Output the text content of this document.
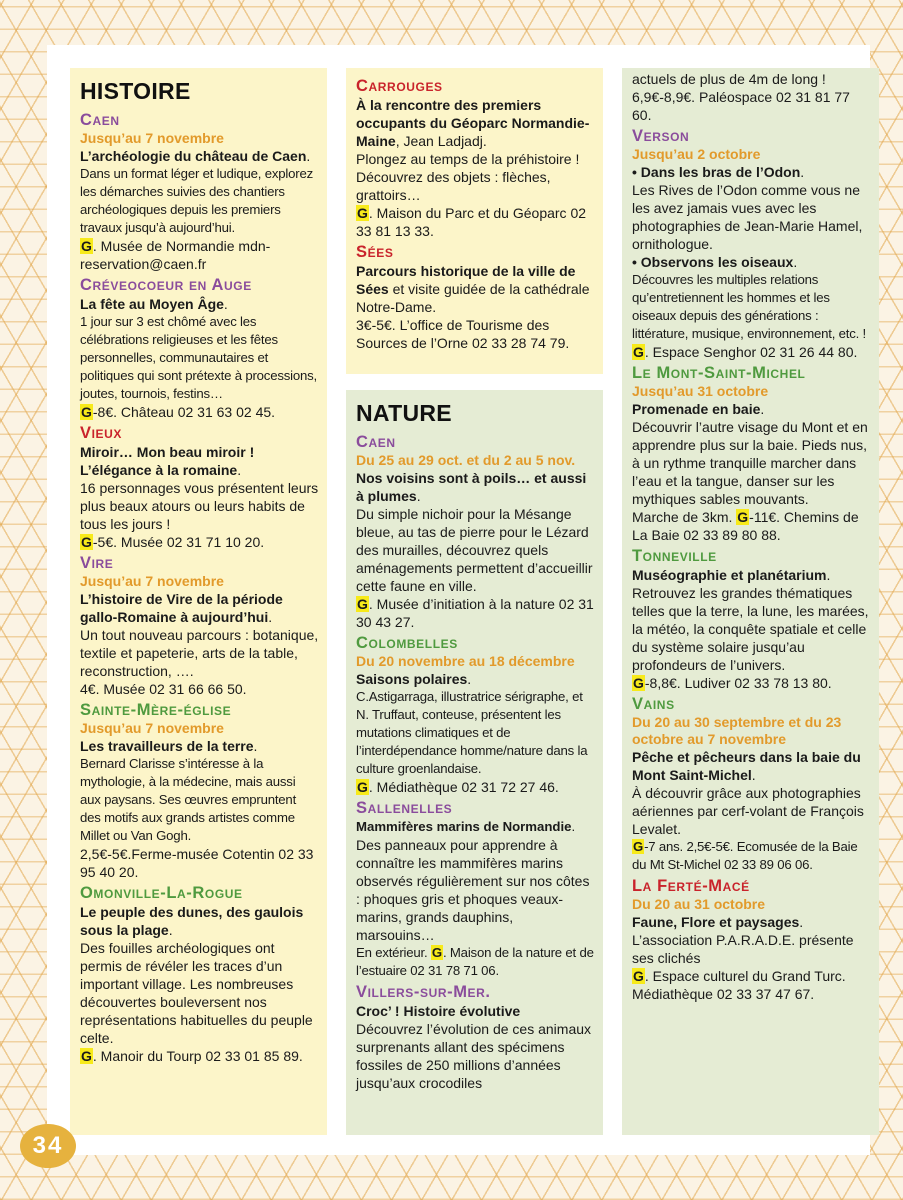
HISTOIRE
Caen
Jusqu’au 7 novembre
L’archéologie du château de Caen.
Dans un format léger et ludique, explorez les démarches suivies des chantiers archéologiques depuis les premiers travaux jusqu’à aujourd’hui.
G. Musée de Normandie mdn-reservation@caen.fr
Créveocoeur en Auge
La fête au Moyen Âge.
1 jour sur 3 est chômé avec les célébrations religieuses et les fêtes personnelles, communautaires et politiques qui sont prétexte à processions, joutes, tournois, festins…
G-8€. Château 02 31 63 02 45.
Vieux
Miroir… Mon beau miroir ! L’élégance à la romaine.
16 personnages vous présentent leurs plus beaux atours ou leurs habits de tous les jours !
G-5€. Musée 02 31 71 10 20.
Vire
Jusqu’au 7 novembre
L’histoire de Vire de la période gallo-Romaine à aujourd’hui.
Un tout nouveau parcours : botanique, textile et papeterie, arts de la table, reconstruction, ….
4€. Musée 02 31 66 66 50.
Sainte-Mère-église
Jusqu’au 7 novembre
Les travailleurs de la terre.
Bernard Clarisse s’intéresse à la mythologie, à la médecine, mais aussi aux paysans. Ses œuvres empruntent des motifs aux grands artistes comme Millet ou Van Gogh.
2,5€-5€.Ferme-musée Cotentin 02 33 95 40 20.
Omonville-La-Rogue
Le peuple des dunes, des gaulois sous la plage.
Des fouilles archéologiques ont permis de révéler les traces d’un important village. Les nombreuses découvertes bouleversent nos représentations habituelles du peuple celte.
G. Manoir du Tourp 02 33 01 85 89.
Carrouges
À la rencontre des premiers occupants du Géoparc Normandie-Maine, Jean Ladjadj.
Plongez au temps de la préhistoire ! Découvrez des objets : flèches, grattoirs…
G. Maison du Parc et du Géoparc 02 33 81 13 33.
Sées
Parcours historique de la ville de Sées et visite guidée de la cathédrale Notre-Dame.
3€-5€. L’office de Tourisme des Sources de l’Orne 02 33 28 74 79.
NATURE
Caen
Du 25 au 29 oct. et du 2 au 5 nov.
Nos voisins sont à poils… et aussi à plumes.
Du simple nichoir pour la Mésange bleue, au tas de pierre pour le Lézard des murailles, découvrez quels aménagements permettent d’accueillir cette faune en ville.
G. Musée d’initiation à la nature 02 31 30 43 27.
Colombelles
Du 20 novembre au 18 décembre
Saisons polaires.
C.Astigarraga, illustratrice sérigraphe, et N. Truffaut, conteuse, présentent les mutations climatiques et de l’interdépendance homme/nature dans la culture groenlandaise.
G. Médiathèque 02 31 72 27 46.
Sallenelles
Mammifères marins de Normandie.
Des panneaux pour apprendre à connaître les mammifères marins observés régulièrement sur nos côtes : phoques gris et phoques veaux-marins, grands dauphins, marsouins…
En extérieur. G. Maison de la nature et de l’estuaire 02 31 78 71 06.
Villers-sur-Mer.
Croc’ ! Histoire évolutive
Découvrez l’évolution de ces animaux surprenants allant des spécimens fossiles de 250 millions d’années jusqu’aux crocodiles
actuels de plus de 4m de long ! 6,9€-8,9€. Paléospace 02 31 81 77 60.
Verson
Jusqu’au 2 octobre
• Dans les bras de l’Odon.
Les Rives de l’Odon comme vous ne les avez jamais vues avec les photographies de Jean-Marie Hamel, ornithologue.
• Observons les oiseaux.
Découvres les multiples relations qu’entretiennent les hommes et les oiseaux depuis des générations : littérature, musique, environnement, etc. !
G. Espace Senghor 02 31 26 44 80.
Le Mont-Saint-Michel
Jusqu’au 31 octobre
Promenade en baie.
Découvrir l’autre visage du Mont et en apprendre plus sur la baie. Pieds nus, à un rythme tranquille marcher dans l’eau et la tangue, danser sur les mythiques sables mouvants.
Marche de 3km. G-11€. Chemins de La Baie 02 33 89 80 88.
Tonneville
Muséographie et planétarium.
Retrouvez les grandes thématiques telles que la terre, la lune, les marées, la météo, la conquête spatiale et celle du système solaire jusqu’au profondeurs de l’univers.
G-8,8€. Ludiver 02 33 78 13 80.
Vains
Du 20 au 30 septembre et du 23 octobre au 7 novembre
Pêche et pêcheurs dans la baie du Mont Saint-Michel.
À découvrir grâce aux photographies aériennes par cerf-volant de François Levalet.
G-7 ans. 2,5€-5€. Ecomusée de la Baie du Mt St-Michel 02 33 89 06 06.
La Ferté-Macé
Du 20 au 31 octobre
Faune, Flore et paysages.
L’association P.A.R.A.D.E. présente ses clichés
G. Espace culturel du Grand Turc. Médiathèque 02 33 37 47 67.
34
